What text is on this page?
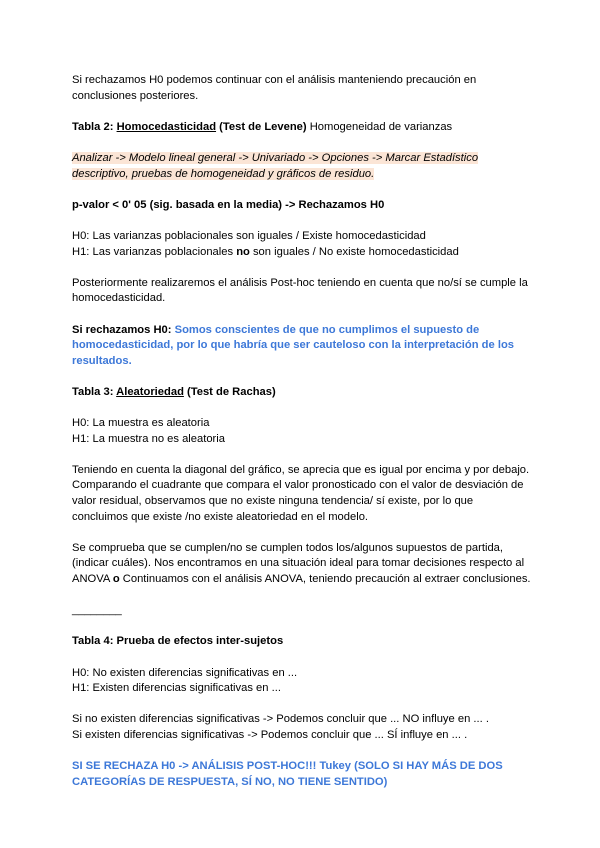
Si rechazamos H0 podemos continuar con el análisis manteniendo precaución en conclusiones posteriores.

Tabla 2: Homocedasticidad (Test de Levene) Homogeneidad de varianzas

Analizar -> Modelo lineal general -> Univariado -> Opciones -> Marcar Estadístico descriptivo, pruebas de homogeneidad y gráficos de residuo.

p-valor < 0' 05 (sig. basada en la media) -> Rechazamos H0

H0: Las varianzas poblacionales son iguales / Existe homocedasticidad

H1: Las varianzas poblacionales no son iguales / No existe homocedasticidad

Posteriormente realizaremos el análisis Post-hoc teniendo en cuenta que no/sí se cumple la homocedasticidad.

Si rechazamos H0: Somos conscientes de que no cumplimos el supuesto de homocedasticidad, por lo que habría que ser cauteloso con la interpretación de los resultados.

Tabla 3: Aleatoriedad (Test de Rachas)

H0: La muestra es aleatoria

H1: La muestra no es aleatoria

Teniendo en cuenta la diagonal del gráfico, se aprecia que es igual por encima y por debajo. Comparando el cuadrante que compara el valor pronosticado con el valor de desviación de valor residual, observamos que no existe ninguna tendencia/ sí existe, por lo que concluimos que existe /no existe aleatoriedad en el modelo.

Se comprueba que se cumplen/no se cumplen todos los/algunos supuestos de partida, (indicar cuáles). Nos encontramos en una situación ideal para tomar decisiones respecto al ANOVA o Continuamos con el análisis ANOVA, teniendo precaución al extraer conclusiones.

________

Tabla 4: Prueba de efectos inter-sujetos

H0: No existen diferencias significativas en ...

H1: Existen diferencias significativas en ...

Si no existen diferencias significativas -> Podemos concluir que ... NO influye en ... .

Si existen diferencias significativas -> Podemos concluir que ... SÍ influye en ... .

SI SE RECHAZA H0 -> ANÁLISIS POST-HOC!!! Tukey (SOLO SI HAY MÁS DE DOS CATEGORÍAS DE RESPUESTA, SÍ NO, NO TIENE SENTIDO)
